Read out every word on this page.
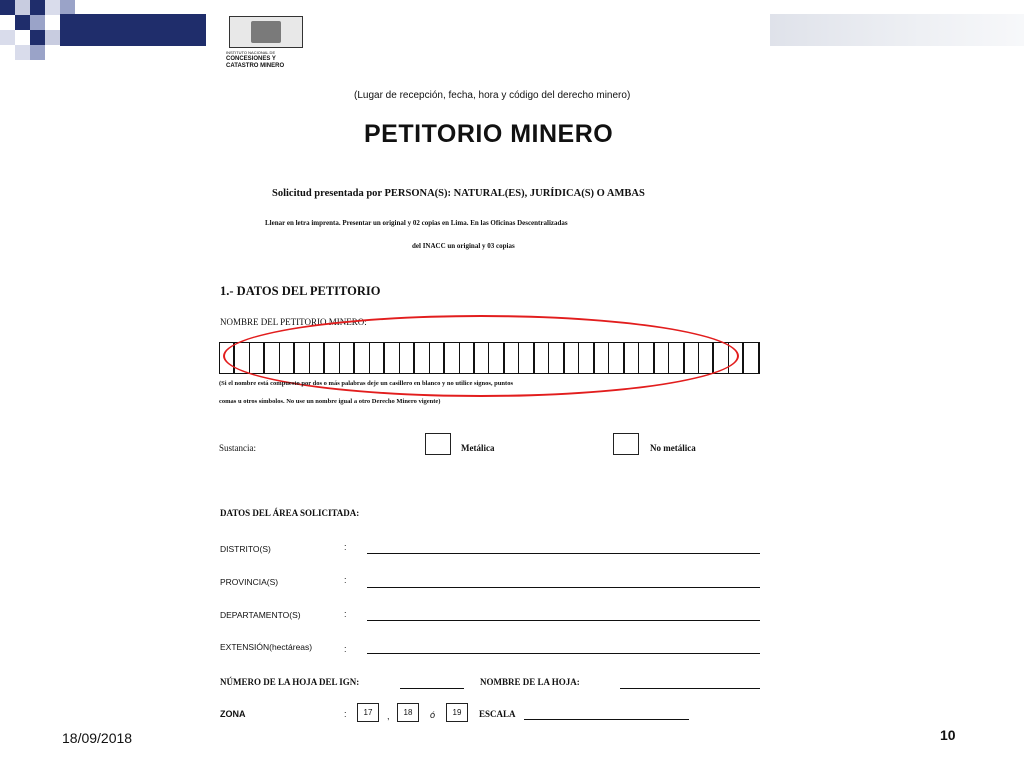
INSTITUTO NACIONAL DE
CONCESIONES Y
CATASTRO MINERO
(Lugar de recepción, fecha, hora y código del derecho minero)
PETITORIO MINERO
Solicitud presentada por PERSONA(S): NATURAL(ES), JURÍDICA(S) O AMBAS
Llenar en letra imprenta. Presentar un original y 02 copias en Lima. En las Oficinas Descentralizadas
del INACC un original y 03 copias
1.- DATOS DEL PETITORIO
NOMBRE DEL PETITORIO MINERO:
(Si el nombre está compuesto por dos o más palabras deje un casillero en blanco y no utilice signos, puntos
comas u otros símbolos. No use un nombre igual a otro Derecho Minero vigente)
Sustancia:	Metálica	No metálica
DATOS DEL ÁREA SOLICITADA:
DISTRITO(S)	:
PROVINCIA(S)	:
DEPARTAMENTO(S)	:
EXTENSIÓN(hectáreas)	:
NÚMERO DE LA HOJA DEL IGN:	NOMBRE DE LA HOJA:
ZONA	:	17	,	18	ó	19	ESCALA
18/09/2018	10
